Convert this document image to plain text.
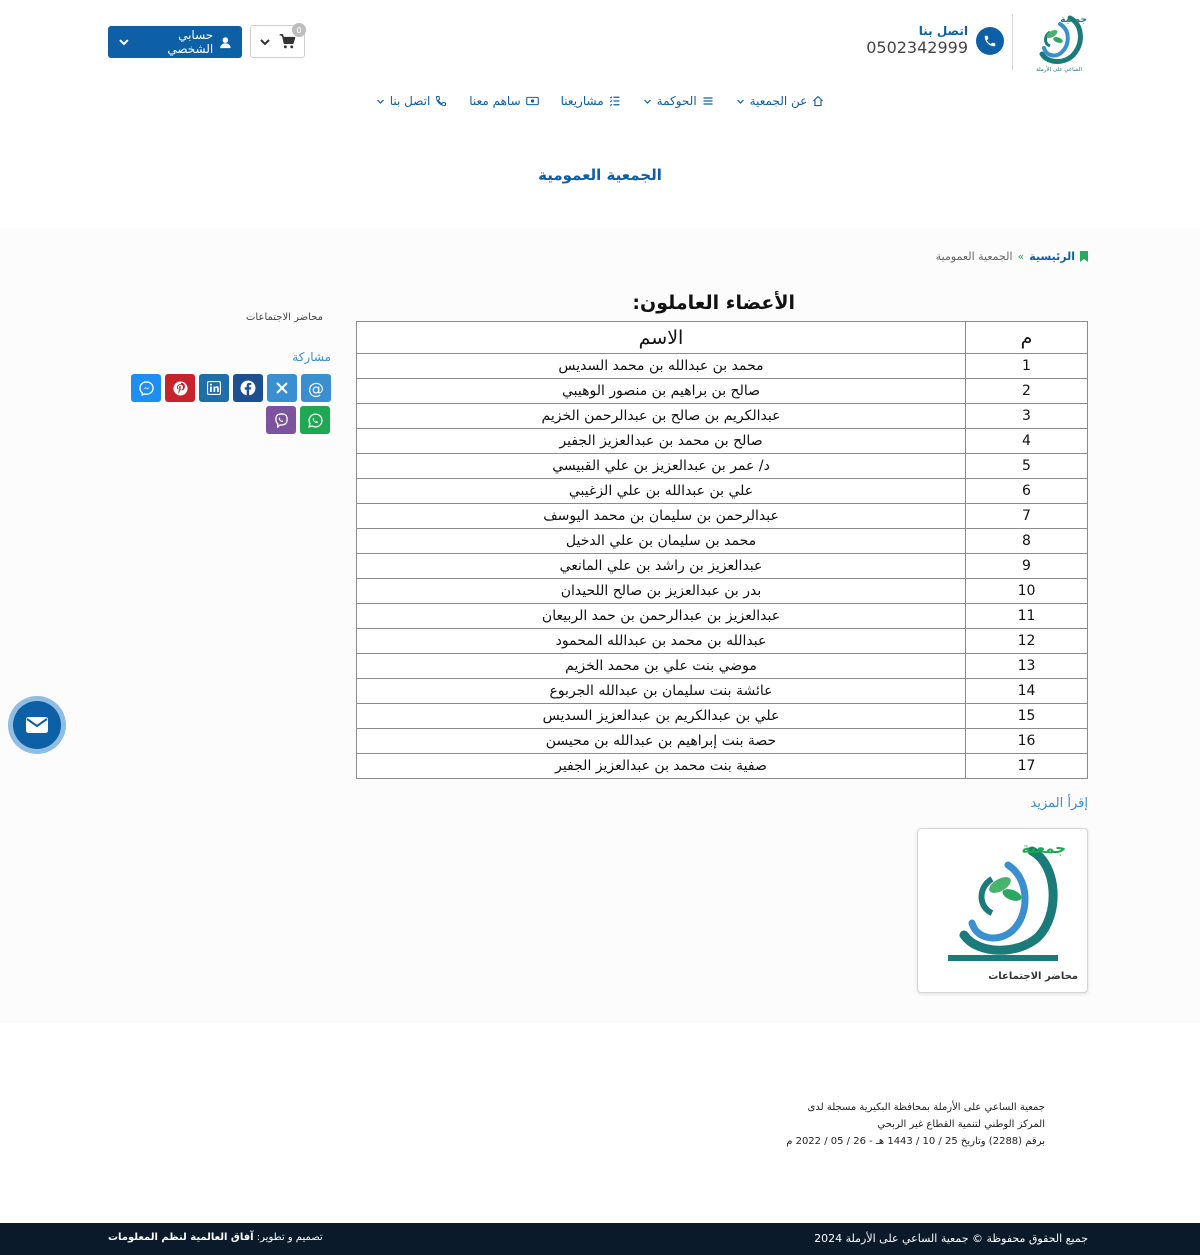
جمعية
الساعي على الأرملة
اتصل بنا
0502342999
حسابي الشخصي
0
عن الجمعية
الحوكمة
مشاريعنا
ساهم معنا
اتصل بنا
الجمعية العمومية
الرئيسية
»
الجمعية العمومية
الأعضاء العاملون:
م	الاسم
1	محمد بن عبدالله بن محمد السديس
2	صالح بن براهيم بن منصور الوهيبي
3	عبدالكريم بن صالح بن عبدالرحمن الخزيم
4	صالح بن محمد بن عبدالعزيز الجفير
5	د/ عمر بن عبدالعزيز بن علي القبيسي
6	علي بن عبدالله بن علي الزغيبي
7	عبدالرحمن بن سليمان بن محمد اليوسف
8	محمد بن سليمان بن علي الدخيل
9	عبدالعزيز بن راشد بن علي المانعي
10	بدر بن عبدالعزيز بن صالح اللحيدان
11	عبدالعزيز بن عبدالرحمن بن حمد الربيعان
12	عبدالله بن محمد بن عبدالله المحمود
13	موضي بنت علي بن محمد الخزيم
14	عائشة بنت سليمان بن عبدالله الجربوع
15	علي بن عبدالكريم بن عبدالعزيز السديس
16	حصة بنت إبراهيم بن عبدالله بن محيسن
17	صفية بنت محمد بن عبدالعزيز الجفير
إقرأ المزيد
جمعية
محاضر الاجتماعات
محاضر الاجتماعات
مشاركة
@
جمعية الساعي على الأرملة بمحافظة البكيرية مسجلة لدى
المركز الوطني لتنمية القطاع غير الربحي
برقم (2288) وتاريخ 25 / 10 / 1443 هـ - 26 / 05 / 2022 م
جميع الحقوق محفوظة © جمعية الساعي على الأرملة 2024
تصميم و تطوير: آفاق العالمية لنظم المعلومات
